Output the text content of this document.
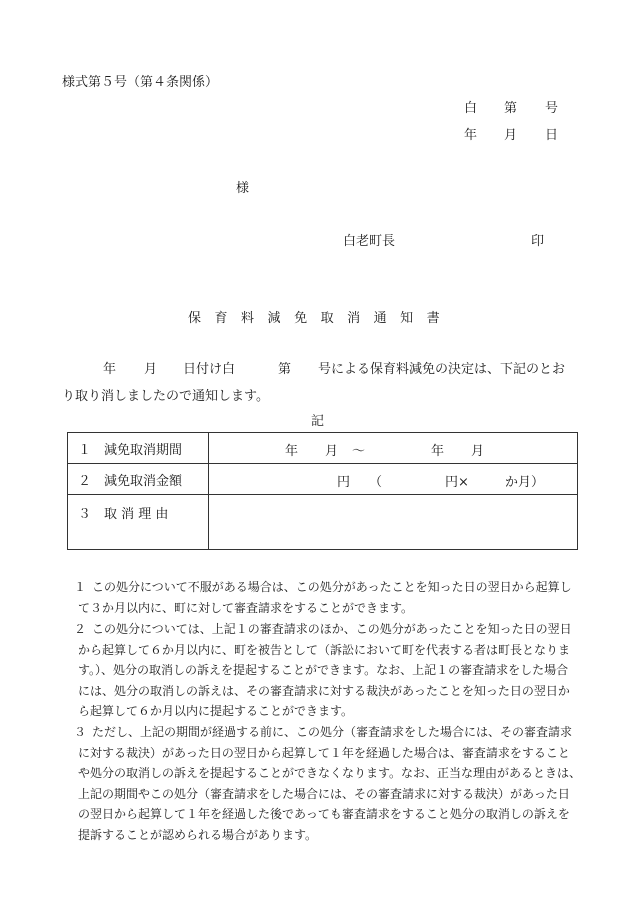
様式第５号（第４条関係）
白 第 号
年 月 日
様
白老町長	印
保 育 料 減 免 取 消 通 知 書
年 月 日付け白	第 号による保育料減免の決定は、下記のとお
り取り消しましたので通知します。
記
１　減免取消期間	年 月 ～ 年 月

２　減免取消金額	円 （ 円× か月）

３　取 消 理 由	
１ この処分について不服がある場合は、この処分があったことを知った日の翌日から起算し
て３か月以内に、町に対して審査請求をすることができます。
２ この処分については、上記１の審査請求のほか、この処分があったことを知った日の翌日
から起算して６か月以内に、町を被告として（訴訟において町を代表する者は町長となりま
す。）、処分の取消しの訴えを提起することができます。なお、上記１の審査請求をした場合
には、処分の取消しの訴えは、その審査請求に対する裁決があったことを知った日の翌日か
ら起算して６か月以内に提起することができます。
３ ただし、上記の期間が経過する前に、この処分（審査請求をした場合には、その審査請求
に対する裁決）があった日の翌日から起算して１年を経過した場合は、審査請求をすること
や処分の取消しの訴えを提起することができなくなります。なお、正当な理由があるときは、
上記の期間やこの処分（審査請求をした場合には、その審査請求に対する裁決）があった日
の翌日から起算して１年を経過した後であっても審査請求をすること処分の取消しの訴えを
提訴することが認められる場合があります。
